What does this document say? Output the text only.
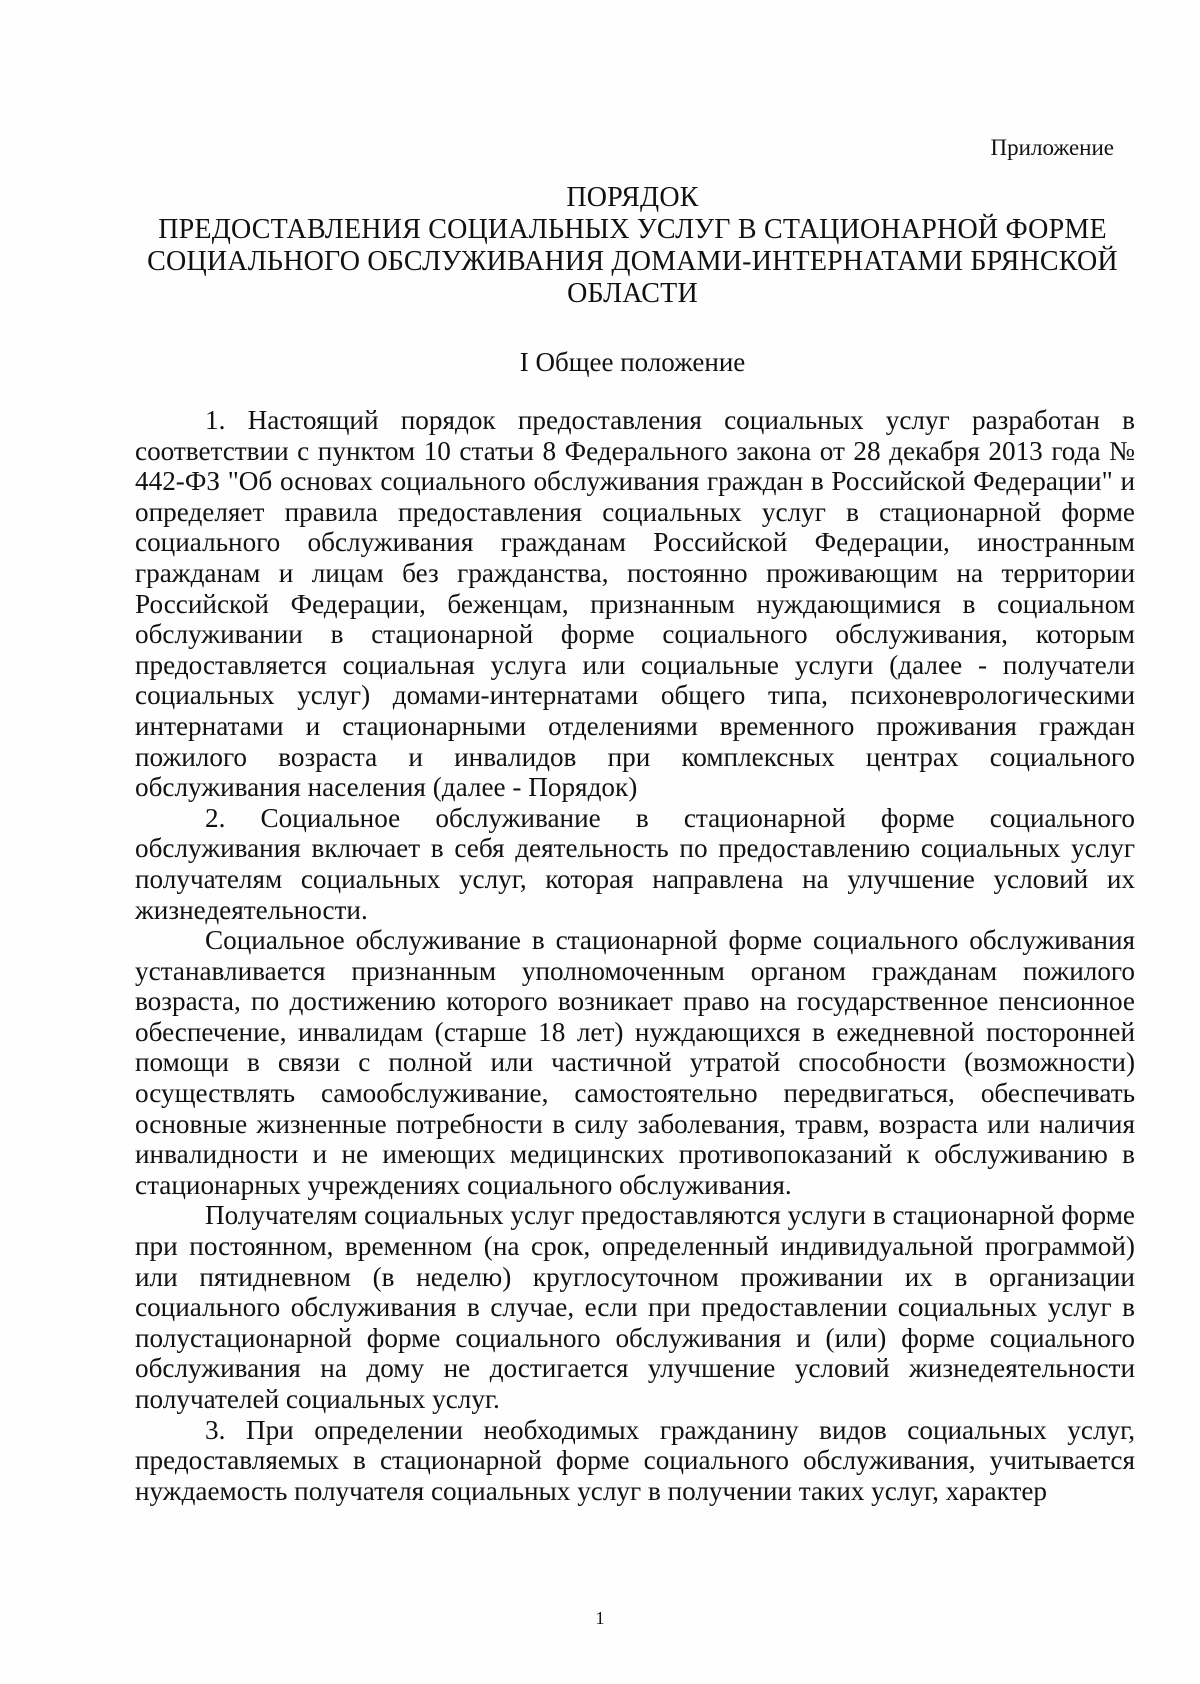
Приложение
ПОРЯДОК
ПРЕДОСТАВЛЕНИЯ СОЦИАЛЬНЫХ УСЛУГ В СТАЦИОНАРНОЙ ФОРМЕ
СОЦИАЛЬНОГО ОБСЛУЖИВАНИЯ ДОМАМИ-ИНТЕРНАТАМИ БРЯНСКОЙ
ОБЛАСТИ
I Общее положение

1. Настоящий порядок предоставления социальных услуг разработан в соответствии с пунктом 10 статьи 8 Федерального закона от 28 декабря 2013 года № 442-ФЗ "Об основах социального обслуживания граждан в Российской Федерации" и определяет правила предоставления социальных услуг в стационарной форме социального обслуживания гражданам Российской Федерации, иностранным гражданам и лицам без гражданства, постоянно проживающим на территории Российской Федерации, беженцам, признанным нуждающимися в социальном обслуживании в стационарной форме социального обслуживания, которым предоставляется социальная услуга или социальные услуги (далее - получатели социальных услуг) домами-интернатами общего типа, психоневрологическими интернатами и стационарными отделениями временного проживания граждан пожилого возраста и инвалидов при комплексных центрах социального обслуживания населения (далее - Порядок)

2. Социальное обслуживание в стационарной форме социального обслуживания включает в себя деятельность по предоставлению социальных услуг получателям социальных услуг, которая направлена на улучшение условий их жизнедеятельности.

Социальное обслуживание в стационарной форме социального обслуживания устанавливается признанным уполномоченным органом гражданам пожилого возраста, по достижению которого возникает право на государственное пенсионное обеспечение, инвалидам (старше 18 лет) нуждающихся в ежедневной посторонней помощи в связи с полной или частичной утратой способности (возможности) осуществлять самообслуживание, самостоятельно передвигаться, обеспечивать основные жизненные потребности в силу заболевания, травм, возраста или наличия инвалидности и не имеющих медицинских противопоказаний к обслуживанию в стационарных учреждениях социального обслуживания.

Получателям социальных услуг предоставляются услуги в стационарной форме при постоянном, временном (на срок, определенный индивидуальной программой) или пятидневном (в неделю) круглосуточном проживании их в организации социального обслуживания в случае, если при предоставлении социальных услуг в полустационарной форме социального обслуживания и (или) форме социального обслуживания на дому не достигается улучшение условий жизнедеятельности получателей социальных услуг.

3. При определении необходимых гражданину видов социальных услуг, предоставляемых в стационарной форме социального обслуживания, учитывается нуждаемость получателя социальных услуг в получении таких услуг, характер

1
